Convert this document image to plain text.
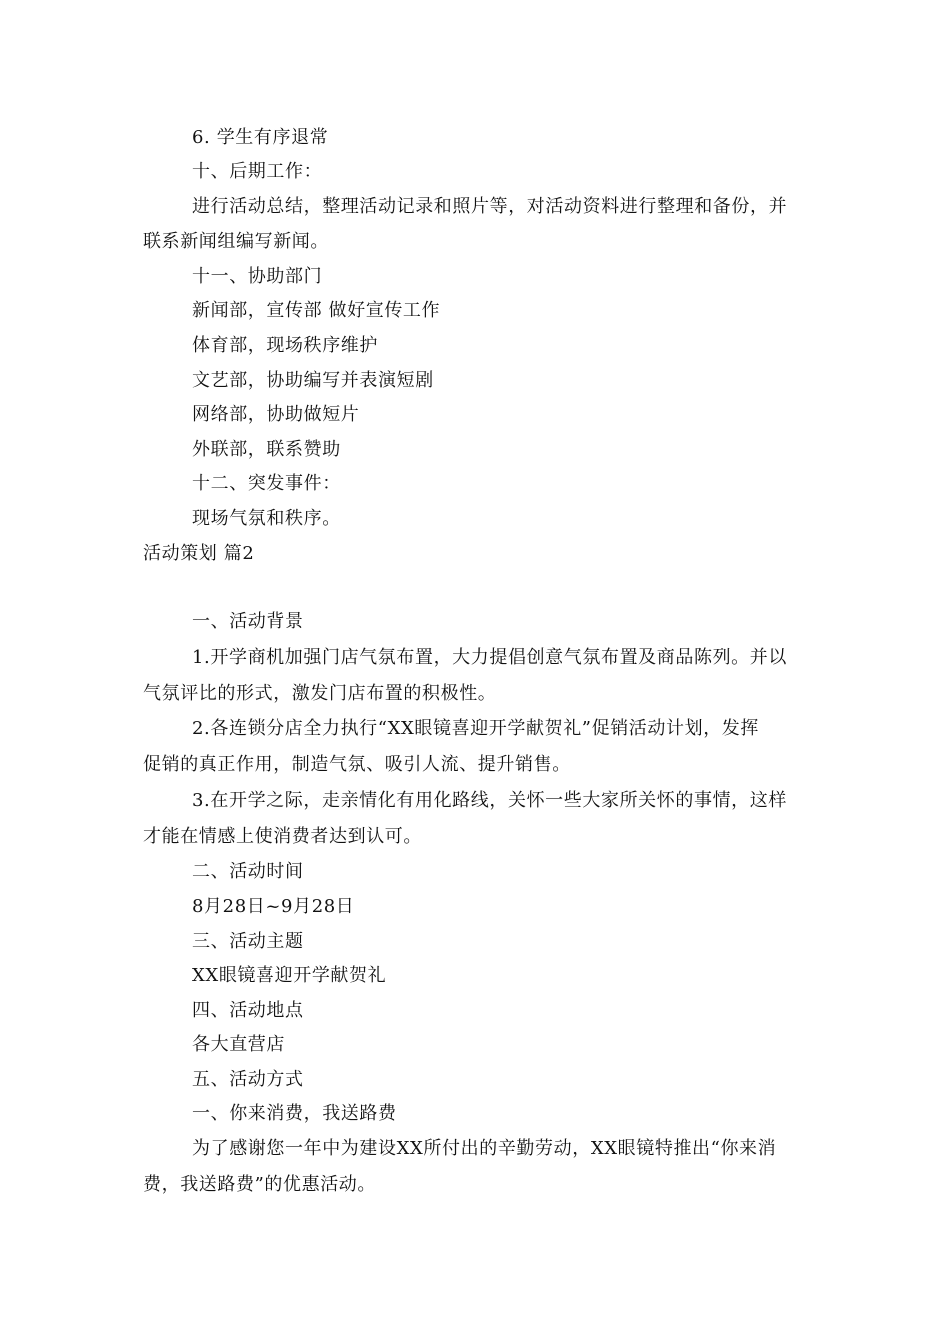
6. 学生有序退常
十、后期工作：
进行活动总结，整理活动记录和照片等，对活动资料进行整理和备份，并
联系新闻组编写新闻。
十一、协助部门
新闻部，宣传部 做好宣传工作
体育部，现场秩序维护
文艺部，协助编写并表演短剧
网络部，协助做短片
外联部，联系赞助
十二、突发事件：
现场气氛和秩序。
活动策划 篇2
一、活动背景
1.开学商机加强门店气氛布置，大力提倡创意气氛布置及商品陈列。并以
气氛评比的形式，激发门店布置的积极性。
2.各连锁分店全力执行“XX眼镜喜迎开学献贺礼”促销活动计划，发挥
促销的真正作用，制造气氛、吸引人流、提升销售。
3.在开学之际，走亲情化有用化路线，关怀一些大家所关怀的事情，这样
才能在情感上使消费者达到认可。
二、活动时间
8月28日~9月28日
三、活动主题
XX眼镜喜迎开学献贺礼
四、活动地点
各大直营店
五、活动方式
一、你来消费，我送路费
为了感谢您一年中为建设XX所付出的辛勤劳动，XX眼镜特推出“你来消
费，我送路费”的优惠活动。
